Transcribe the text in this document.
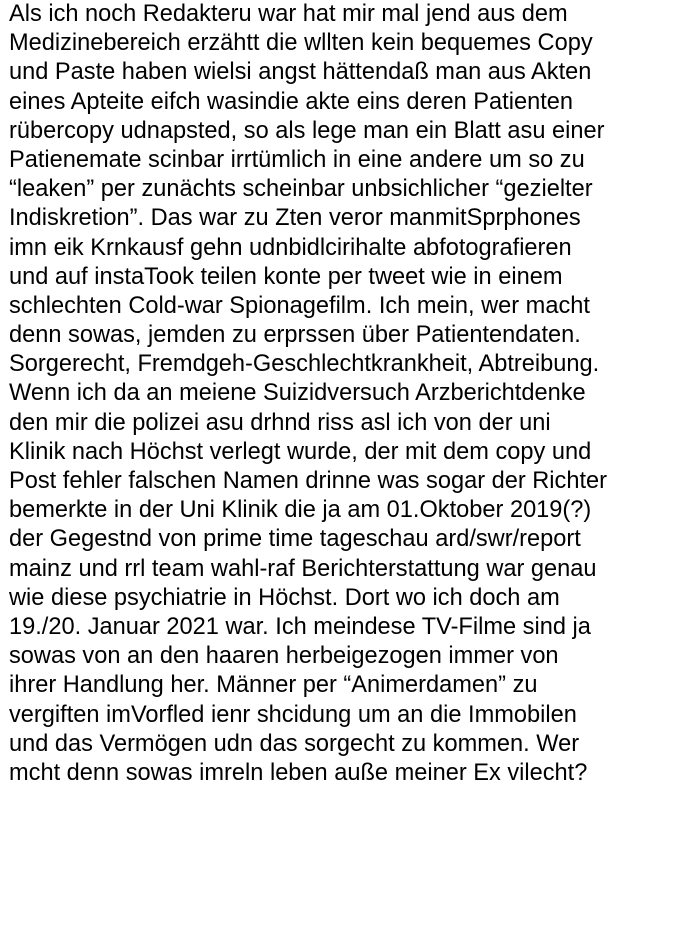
Als ich noch Redakteru war hat mir mal jend aus dem
Medizinebereich erzähtt die wllten kein bequemes Copy
und Paste haben wielsi angst hättendaß man aus Akten
eines Apteite eifch wasindie akte eins deren Patienten
rübercopy udnapsted, so als lege man ein Blatt asu einer
Patienemate scinbar irrtümlich in eine andere um so zu
“leaken” per zunächts scheinbar unbsichlicher “gezielter
Indiskretion”. Das war zu Zten veror manmitSprphones
imn eik Krnkausf gehn udnbidlcirihalte abfotografieren
und auf instaTook teilen konte per tweet wie in einem
schlechten Cold-war Spionagefilm. Ich mein, wer macht
denn sowas, jemden zu erprssen über Patientendaten.
Sorgerecht, Fremdgeh-Geschlechtkrankheit, Abtreibung.
Wenn ich da an meiene Suizidversuch Arzberichtdenke
den mir die polizei asu drhnd riss asl ich von der uni
Klinik nach Höchst verlegt wurde, der mit dem copy und
Post fehler falschen Namen drinne was sogar der Richter
bemerkte in der Uni Klinik die ja am 01.Oktober 2019(?)
der Gegestnd von prime time tageschau ard/swr/report
mainz und rrl team wahl-raf Berichterstattung war genau
wie diese psychiatrie in Höchst. Dort wo ich doch am
19./20. Januar 2021 war. Ich meindese TV-Filme sind ja
sowas von an den haaren herbeigezogen immer von
ihrer Handlung her. Männer per “Animerdamen” zu
vergiften imVorfled ienr shcidung um an die Immobilen
und das Vermögen udn das sorgecht zu kommen. Wer
mcht denn sowas imreln leben auße meiner Ex vilecht?
